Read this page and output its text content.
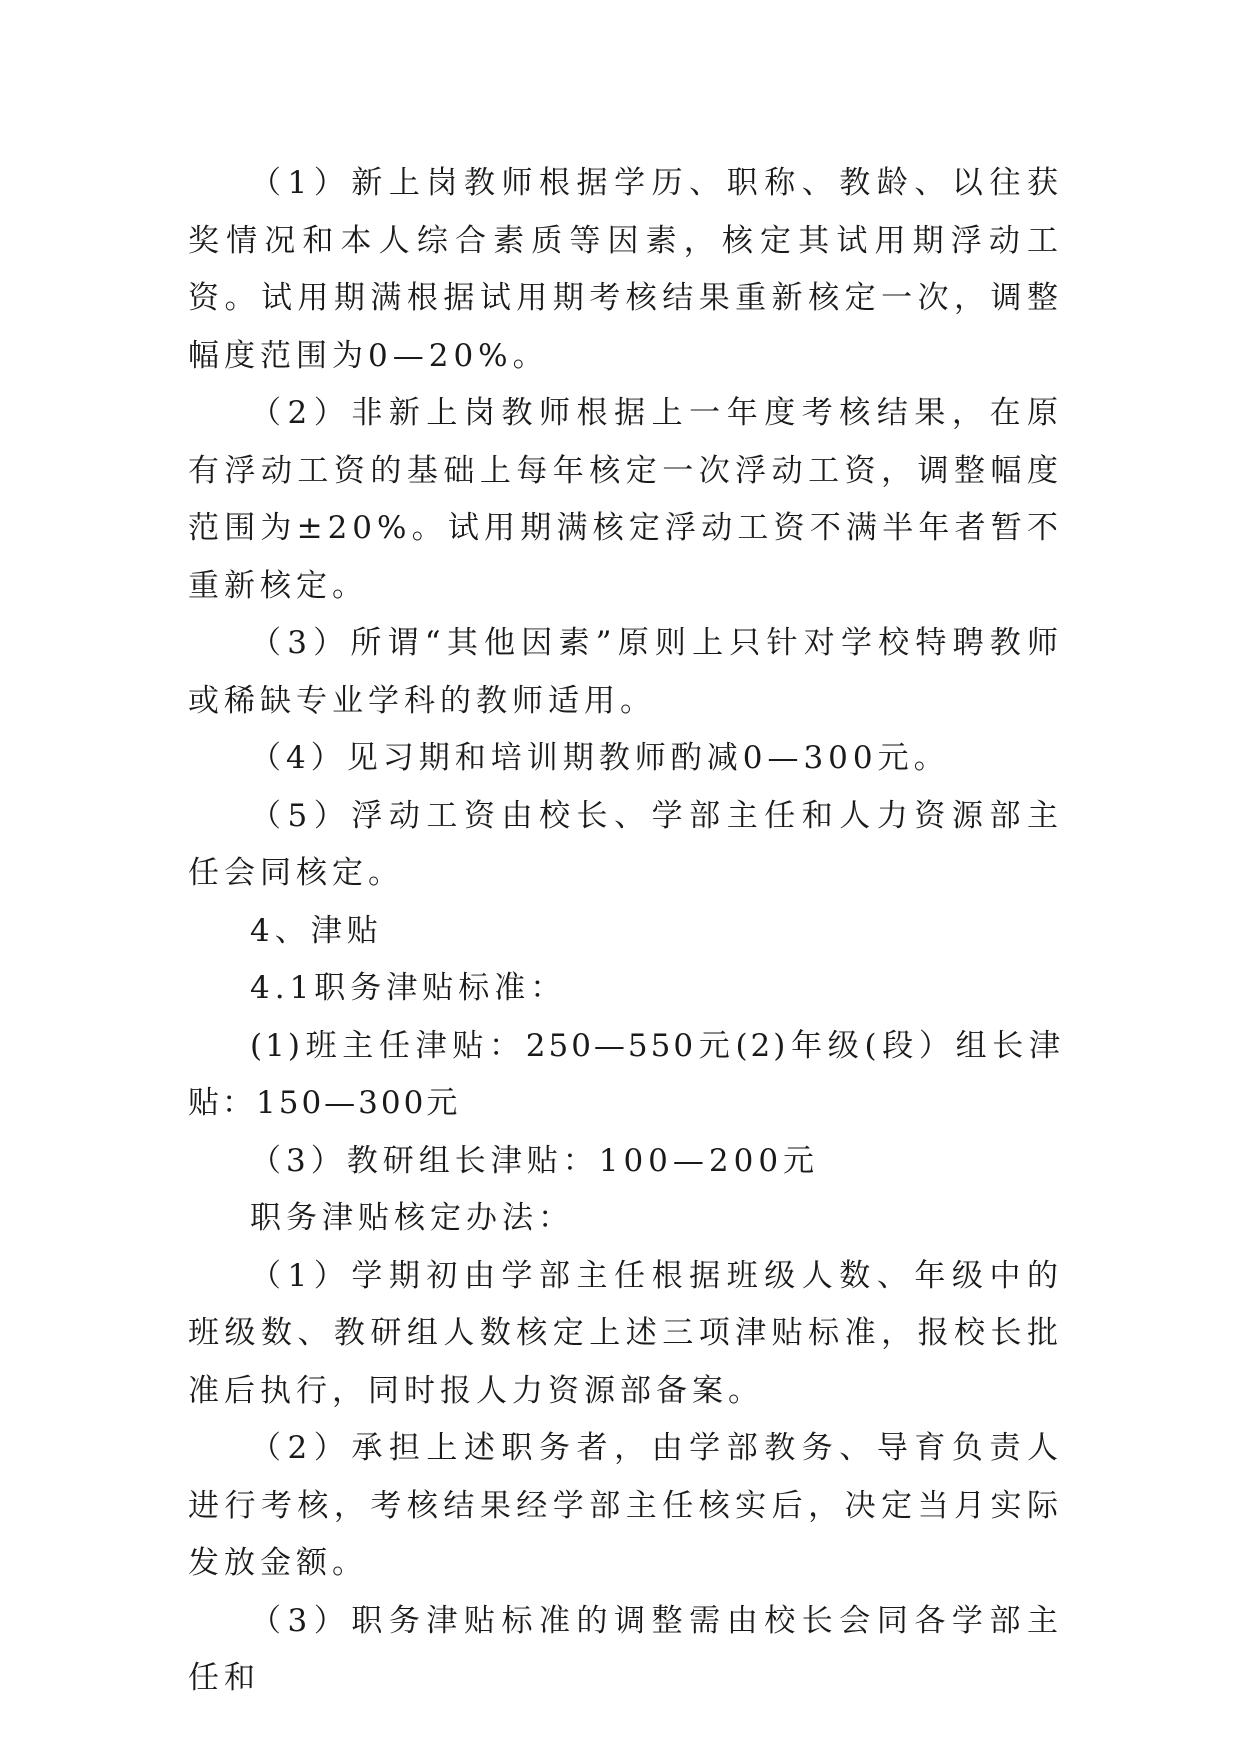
（1）新上岗教师根据学历、职称、教龄、以往获奖情况和本人综合素质等因素，核定其试用期浮动工资。试用期满根据试用期考核结果重新核定一次，调整幅度范围为0—20%。

（2）非新上岗教师根据上一年度考核结果，在原有浮动工资的基础上每年核定一次浮动工资，调整幅度范围为±20%。试用期满核定浮动工资不满半年者暂不重新核定。

（3）所谓“其他因素”原则上只针对学校特聘教师或稀缺专业学科的教师适用。

（4）见习期和培训期教师酌减0—300元。

（5）浮动工资由校长、学部主任和人力资源部主任会同核定。

4、津贴

4.1职务津贴标准：

(1)班主任津贴：250—550元(2)年级(段）组长津贴：150—300元

（3）教研组长津贴：100—200元

职务津贴核定办法：

（1）学期初由学部主任根据班级人数、年级中的班级数、教研组人数核定上述三项津贴标准，报校长批准后执行，同时报人力资源部备案。

（2）承担上述职务者，由学部教务、导育负责人进行考核，考核结果经学部主任核实后，决定当月实际发放金额。

（3）职务津贴标准的调整需由校长会同各学部主任和
